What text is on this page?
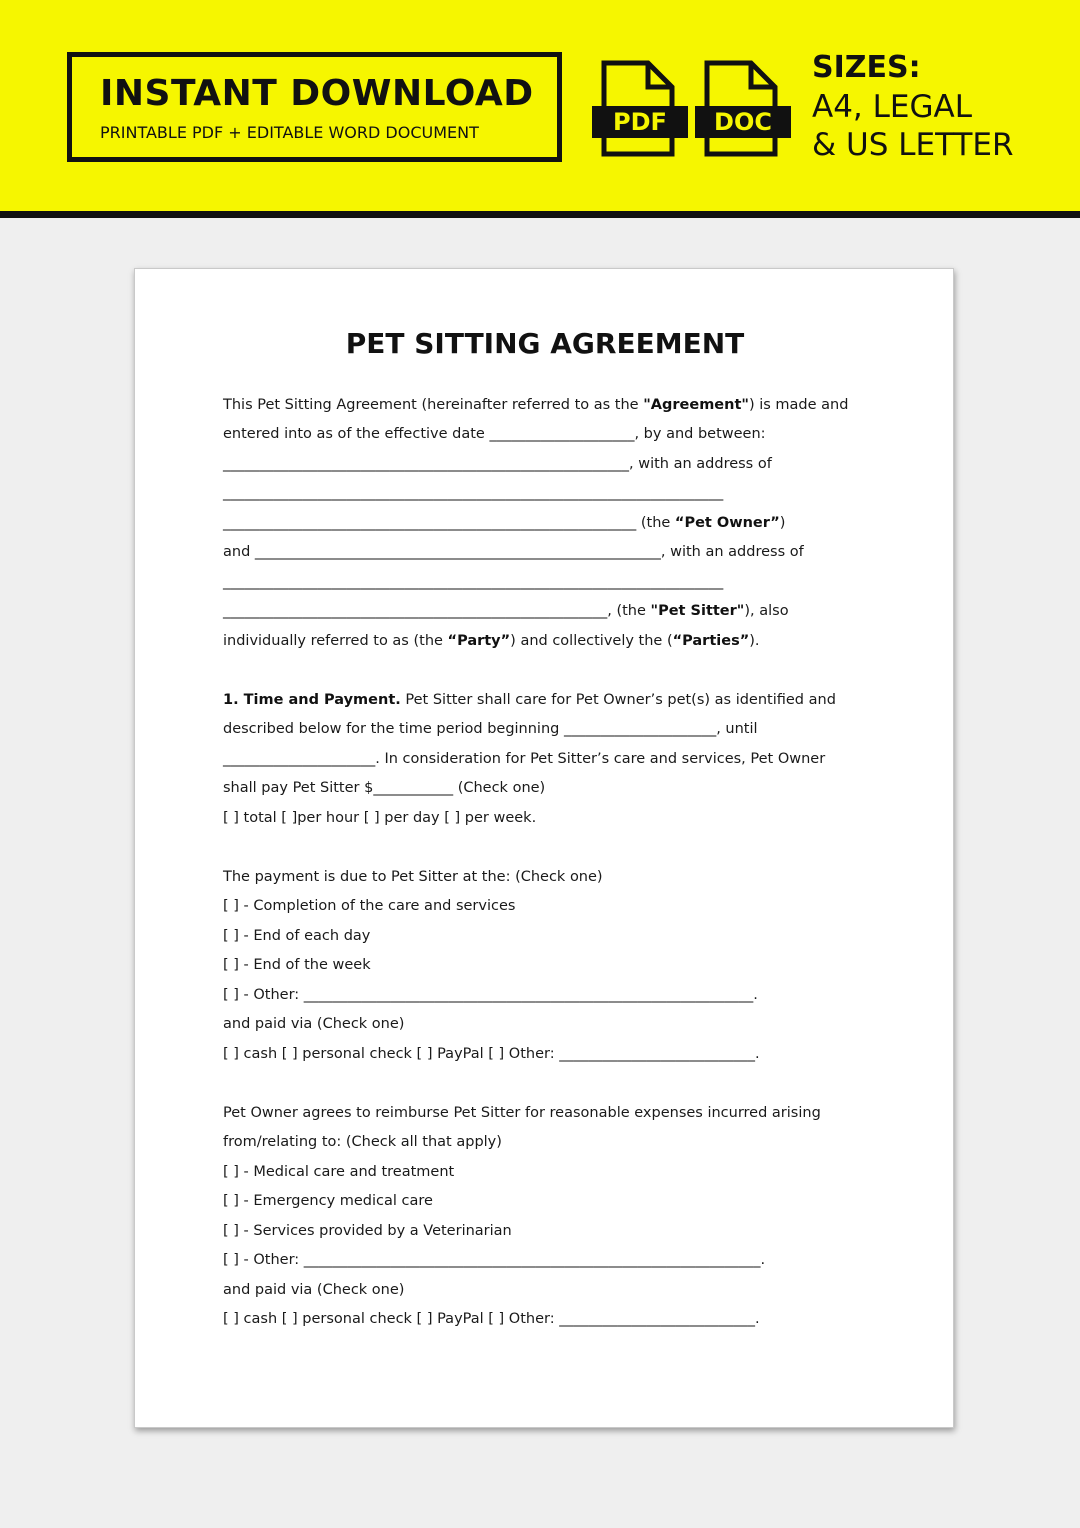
INSTANT DOWNLOAD
PRINTABLE PDF + EDITABLE WORD DOCUMENT	PDF	DOC
SIZES:
A4, LEGAL
& US LETTER
PET SITTING AGREEMENT
This Pet Sitting Agreement (hereinafter referred to as the "Agreement") is made and
entered into as of the effective date ____________________, by and between:
________________________________________________________, with an address of
_____________________________________________________________________
_________________________________________________________ (the “Pet Owner”)
and ________________________________________________________, with an address of
_____________________________________________________________________
_____________________________________________________, (the "Pet Sitter"), also
individually referred to as (the “Party”) and collectively the (“Parties”).
1. Time and Payment. Pet Sitter shall care for Pet Owner’s pet(s) as identified and
described below for the time period beginning _____________________, until
_____________________. In consideration for Pet Sitter’s care and services, Pet Owner
shall pay Pet Sitter $___________ (Check one)
[ ] total [ ]per hour [ ] per day [ ] per week.
The payment is due to Pet Sitter at the: (Check one)
[ ] - Completion of the care and services
[ ] - End of each day
[ ] - End of the week
[ ] - Other: ______________________________________________________________.
and paid via (Check one)
[ ] cash [ ] personal check [ ] PayPal [ ] Other: ___________________________.
Pet Owner agrees to reimburse Pet Sitter for reasonable expenses incurred arising
from/relating to: (Check all that apply)
[ ] - Medical care and treatment
[ ] - Emergency medical care
[ ] - Services provided by a Veterinarian
[ ] - Other: _______________________________________________________________.
and paid via (Check one)
[ ] cash [ ] personal check [ ] PayPal [ ] Other: ___________________________.
